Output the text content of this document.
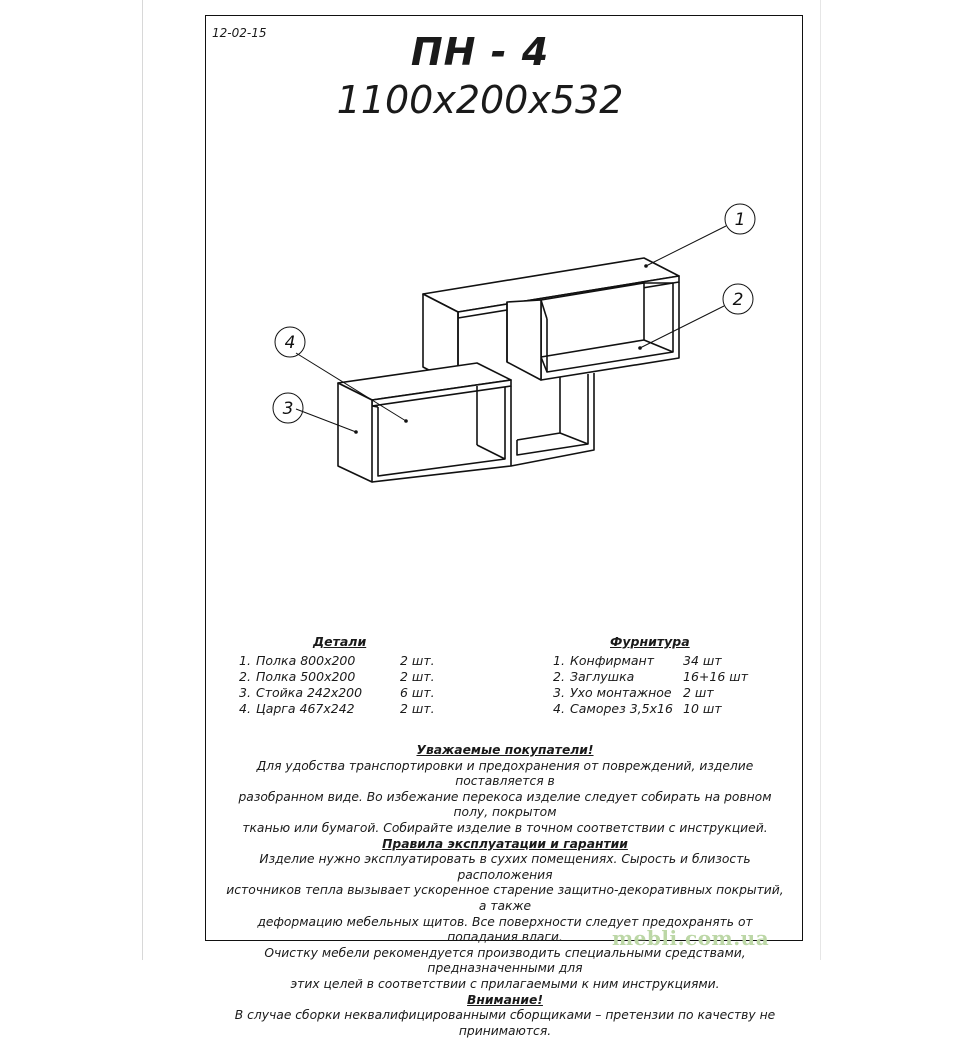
12-02-15	ПН - 4
1100x200x532
1
2
3
4
Детали
1. Полка 800х200	2 шт.
2. Полка 500х200	2 шт.
3. Стойка 242х200	6 шт.
4. Царга 467х242	2 шт.
Фурнитура
1. Конфирмант 34 шт
2. Заглушка	16+16 шт
3. Ухо монтажное 2 шт
4. Саморез 3,5х16 10 шт
Уважаемые покупатели!
Для удобства транспортировки и предохранения от повреждений, изделие поставляется в
разобранном виде. Во избежание перекоса изделие следует собирать на ровном полу, покрытом
тканью или бумагой. Собирайте изделие в точном соответствии с инструкцией.
Правила эксплуатации и гарантии
Изделие нужно эксплуатировать в сухих помещениях. Сырость и близость расположения
источников тепла вызывает ускоренное старение защитно-декоративных покрытий, а также
деформацию мебельных щитов. Все поверхности следует предохранять от попадания влаги.
Очистку мебели рекомендуется производить специальными средствами, предназначенными для
этих целей в соответствии с прилагаемыми к ним инструкциями.
Внимание!
В случае сборки неквалифицированными сборщиками – претензии по качеству не принимаются.
mebli.com.ua
